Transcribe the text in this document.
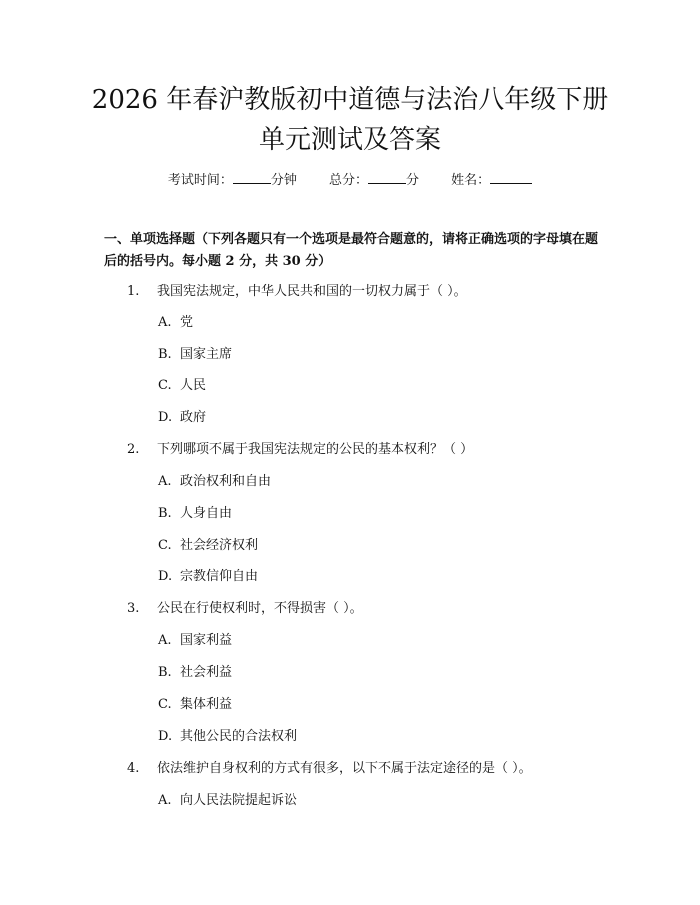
2026 年春沪教版初中道德与法治八年级下册
单元测试及答案
考试时间：	分钟 总分：	分 姓名：
一、单项选择题（下列各题只有一个选项是最符合题意的，请将正确选项的字母填在题后的括号内。每小题 2 分，共 30 分）
1. 我国宪法规定，中华人民共和国的一切权力属于（ ）。
A. 党
B. 国家主席
C. 人民
D. 政府
2. 下列哪项不属于我国宪法规定的公民的基本权利？（ ）
A. 政治权利和自由
B. 人身自由
C. 社会经济权利
D. 宗教信仰自由
3. 公民在行使权利时，不得损害（ ）。
A. 国家利益
B. 社会利益
C. 集体利益
D. 其他公民的合法权利
4. 依法维护自身权利的方式有很多，以下不属于法定途径的是（ ）。
A. 向人民法院提起诉讼
